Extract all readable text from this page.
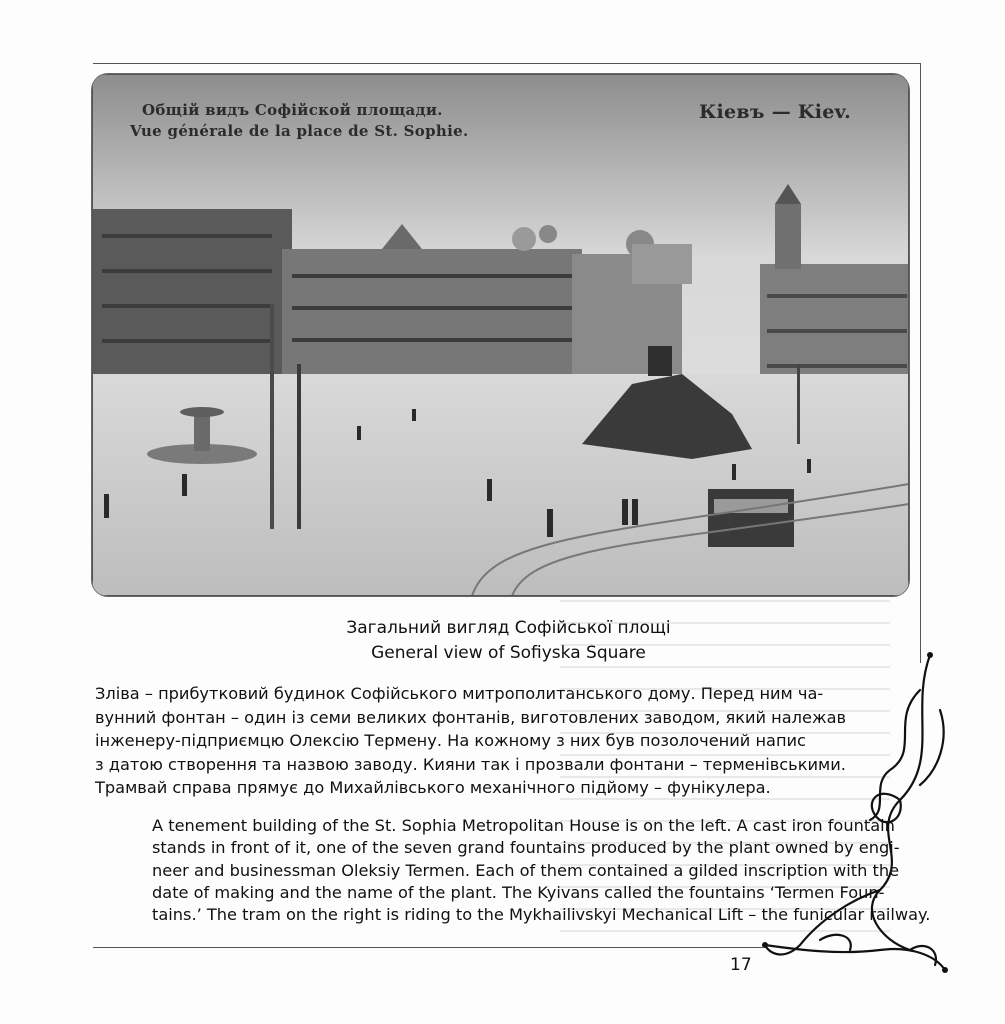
Общій видъ Софійской площади.
Vue générale de la place de St. Sophie.
Кіевъ — Kiev.
Загальний вигляд Софійської площі
General view of Sofiyska Square
Зліва – прибутковий будинок Софійського митрополитанського дому. Перед ним ча-
вунний фонтан – один із семи великих фонтанів, виготовлених заводом, який належав
інженеру-підприємцю Олексію Термену. На кожному з них був позолочений напис
з датою створення та назвою заводу. Кияни так і прозвали фонтани – терменівськими.
Трамвай справа прямує до Михайлівського механічного підйому – фунікулера.
A tenement building of the St. Sophia Metropolitan House is on the left. A cast iron fountain
stands in front of it, one of the seven grand fountains produced by the plant owned by engi-
neer and businessman Oleksiy Termen. Each of them contained a gilded inscription with the
date of making and the name of the plant. The Kyivans called the fountains ‘Termen Foun-
tains.’ The tram on the right is riding to the Mykhailivskyi Mechanical Lift – the funicular railway.
17
